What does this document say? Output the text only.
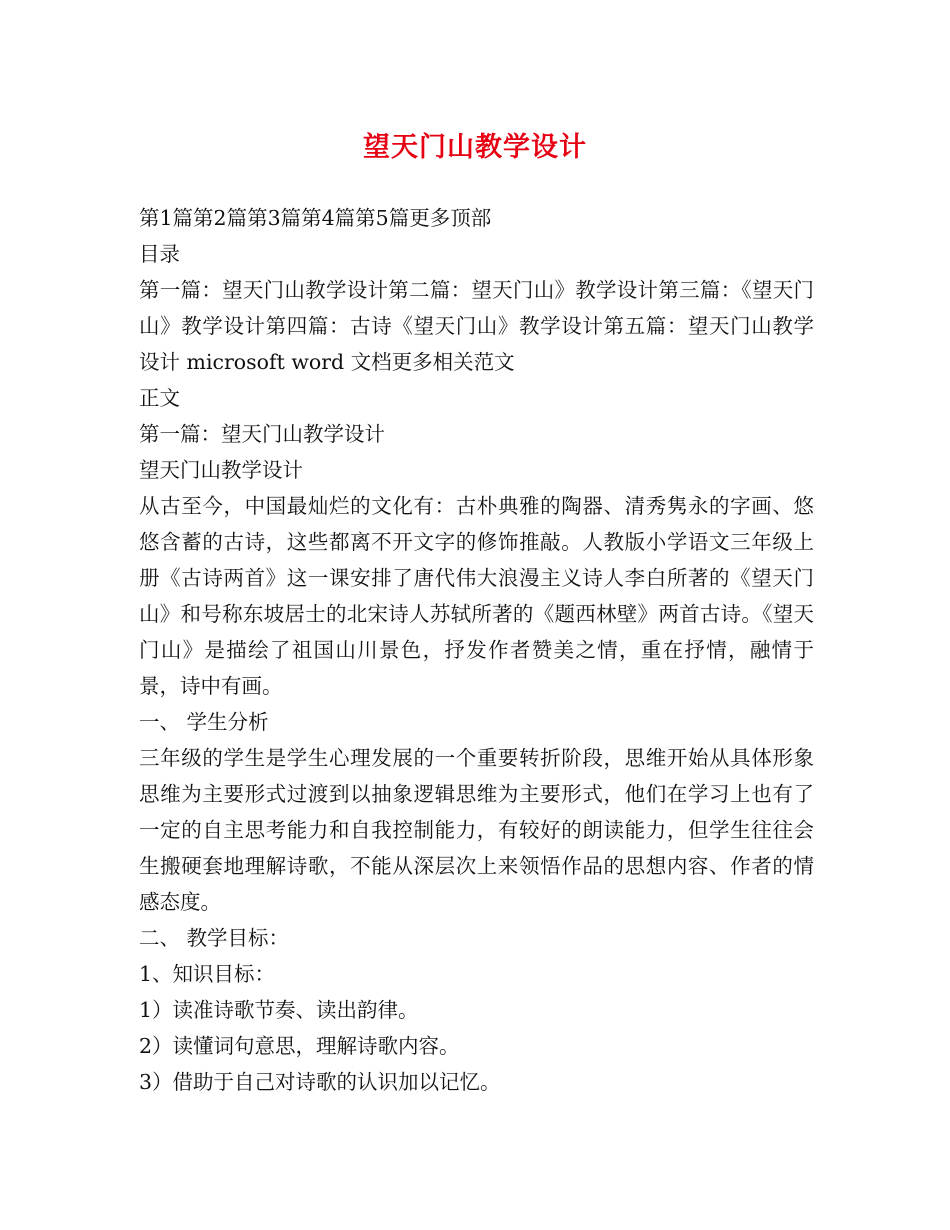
望天门山教学设计

第1篇第2篇第3篇第4篇第5篇更多顶部

目录

第一篇：望天门山教学设计第二篇：望天门山》教学设计第三篇：《望天门山》教学设计第四篇：古诗《望天门山》教学设计第五篇：望天门山教学设计 microsoft word 文档更多相关范文

正文

第一篇：望天门山教学设计

望天门山教学设计

从古至今，中国最灿烂的文化有：古朴典雅的陶器、清秀隽永的字画、悠悠含蓄的古诗，这些都离不开文字的修饰推敲。人教版小学语文三年级上册《古诗两首》这一课安排了唐代伟大浪漫主义诗人李白所著的《望天门山》和号称东坡居士的北宋诗人苏轼所著的《题西林壁》两首古诗。《望天门山》是描绘了祖国山川景色，抒发作者赞美之情，重在抒情，融情于景，诗中有画。

一、 学生分析

三年级的学生是学生心理发展的一个重要转折阶段，思维开始从具体形象思维为主要形式过渡到以抽象逻辑思维为主要形式，他们在学习上也有了一定的自主思考能力和自我控制能力，有较好的朗读能力，但学生往往会生搬硬套地理解诗歌，不能从深层次上来领悟作品的思想内容、作者的情感态度。

二、 教学目标：

1、知识目标：

1）读准诗歌节奏、读出韵律。

2）读懂词句意思，理解诗歌内容。

3）借助于自己对诗歌的认识加以记忆。
